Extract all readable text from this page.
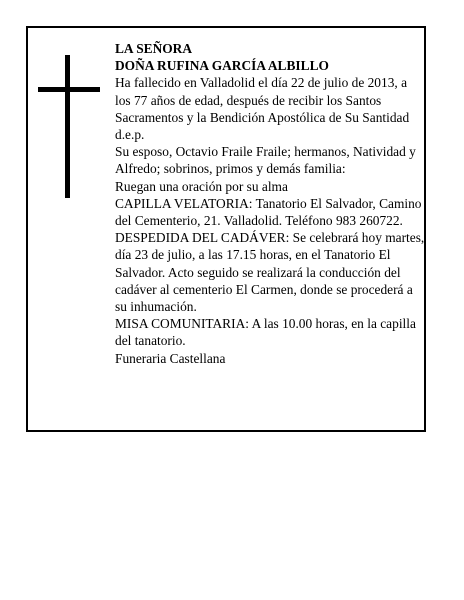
LA SEÑORA

DOÑA RUFINA GARCÍA ALBILLO

Ha fallecido en Valladolid el día 22 de julio de 2013, a los 77 años de edad, después de recibir los Santos Sacramentos y la Bendición Apostólica de Su Santidad d.e.p.

Su esposo, Octavio Fraile Fraile; hermanos, Natividad y Alfredo; sobrinos, primos y demás familia:

Ruegan una oración por su alma

CAPILLA VELATORIA: Tanatorio El Salvador, Camino del Cementerio, 21. Valladolid. Teléfono 983 260722.

DESPEDIDA DEL CADÁVER: Se celebrará hoy martes, día 23 de julio, a las 17.15 horas, en el Tanatorio El Salvador. Acto seguido se realizará la conducción del cadáver al cementerio El Carmen, donde se procederá a su inhumación.

MISA COMUNITARIA: A las 10.00 horas, en la capilla del tanatorio.

Funeraria Castellana
